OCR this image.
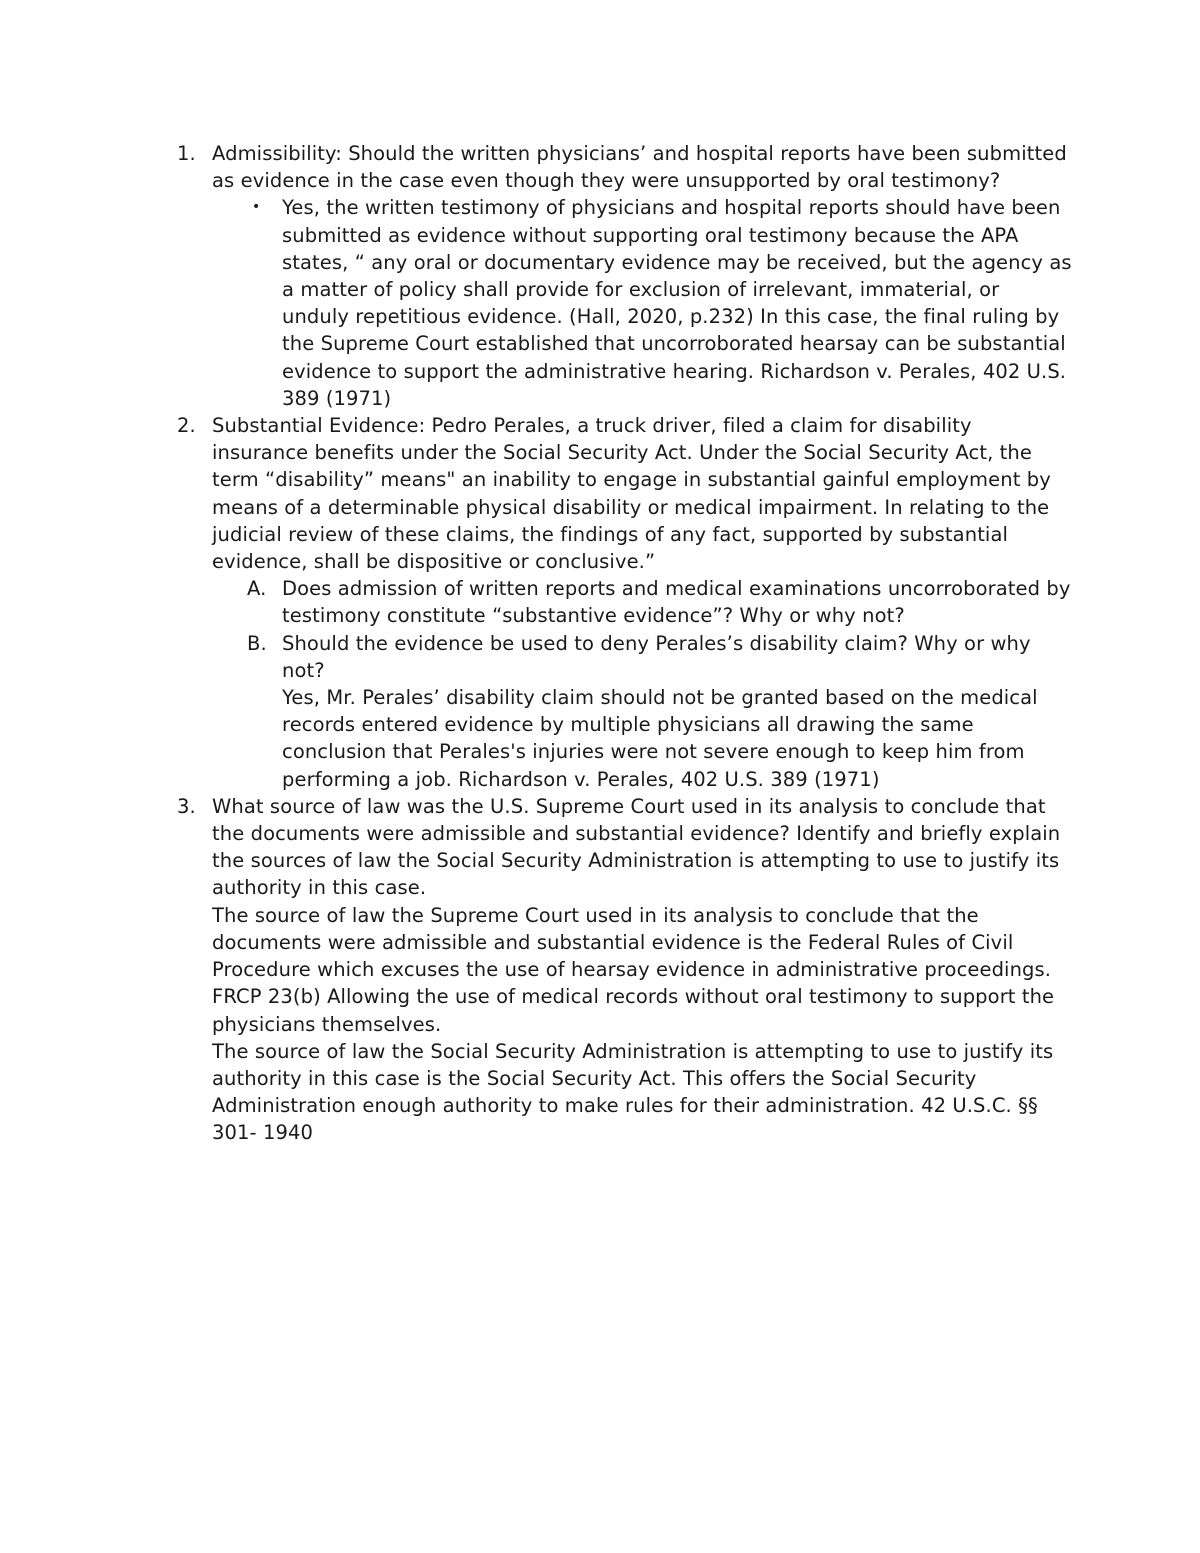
1. Admissibility: Should the written physicians’ and hospital reports have been submitted as evidence in the case even though they were unsupported by oral testimony?

• Yes, the written testimony of physicians and hospital reports should have been submitted as evidence without supporting oral testimony because the APA states, “ any oral or documentary evidence may be received, but the agency as a matter of policy shall provide for exclusion of irrelevant, immaterial, or unduly repetitious evidence. (Hall, 2020, p.232) In this case, the final ruling by the Supreme Court established that uncorroborated hearsay can be substantial evidence to support the administrative hearing. Richardson v. Perales, 402 U.S. 389 (1971)

2. Substantial Evidence: Pedro Perales, a truck driver, filed a claim for disability insurance benefits under the Social Security Act. Under the Social Security Act, the term “disability” means" an inability to engage in substantial gainful employment by means of a determinable physical disability or medical impairment. In relating to the judicial review of these claims, the findings of any fact, supported by substantial evidence, shall be dispositive or conclusive.”

A. Does admission of written reports and medical examinations uncorroborated by testimony constitute “substantive evidence”? Why or why not?

B. Should the evidence be used to deny Perales’s disability claim? Why or why not?

Yes, Mr. Perales’ disability claim should not be granted based on the medical records entered evidence by multiple physicians all drawing the same conclusion that Perales's injuries were not severe enough to keep him from performing a job. Richardson v. Perales, 402 U.S. 389 (1971)

3. What source of law was the U.S. Supreme Court used in its analysis to conclude that the documents were admissible and substantial evidence? Identify and briefly explain the sources of law the Social Security Administration is attempting to use to justify its authority in this case.

The source of law the Supreme Court used in its analysis to conclude that the documents were admissible and substantial evidence is the Federal Rules of Civil Procedure which excuses the use of hearsay evidence in administrative proceedings. FRCP 23(b) Allowing the use of medical records without oral testimony to support the physicians themselves.

The source of law the Social Security Administration is attempting to use to justify its authority in this case is the Social Security Act. This offers the Social Security Administration enough authority to make rules for their administration. 42 U.S.C. §§ 301- 1940
